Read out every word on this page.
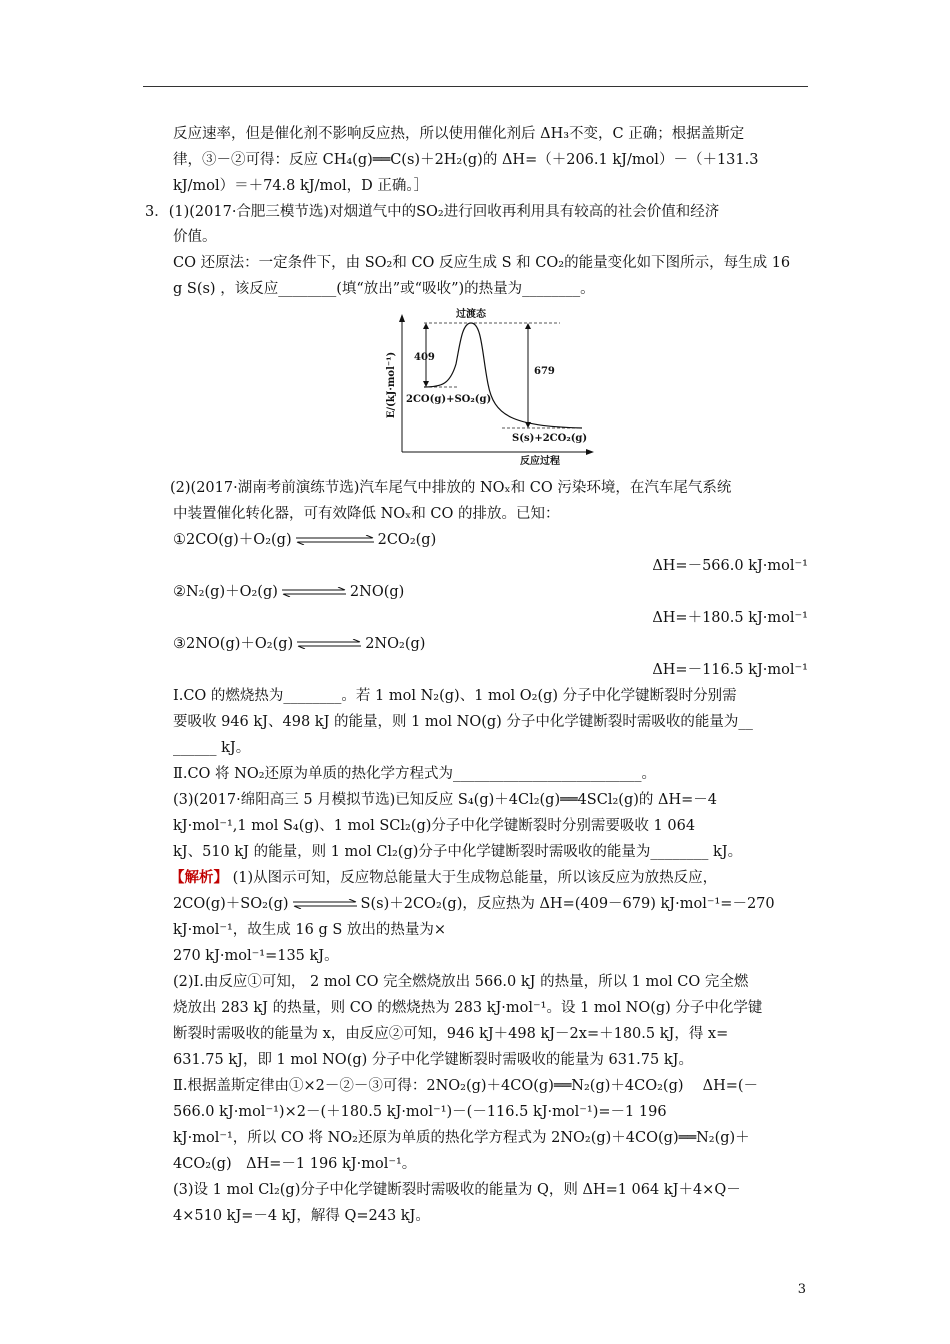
反应速率，但是催化剂不影响反应热，所以使用催化剂后 ΔH₃不变，C 正确；根据盖斯定
律，③－②可得：反应 CH₄(g)══C(s)＋2H₂(g)的 ΔH=（＋206.1 kJ/mol）－（＋131.3
kJ/mol）＝＋74.8 kJ/mol，D 正确。］
3．(1)(2017·合肥三模节选)对烟道气中的SO₂进行回收再利用具有较高的社会价值和经济
价值。
CO 还原法：一定条件下，由 SO₂和 CO 反应生成 S 和 CO₂的能量变化如下图所示，每生成 16
g S(s) ，该反应________(填“放出”或“吸收”)的热量为________。
E/(kJ·mol⁻¹)
反应过程
409
679
过渡态
2CO(g)+SO₂(g)
S(s)+2CO₂(g)
(2)(2017·湖南考前演练节选)汽车尾气中排放的 NOₓ和 CO 污染环境，在汽车尾气系统
中装置催化转化器，可有效降低 NOₓ和 CO 的排放。已知：
①2CO(g)＋O₂(g)	2CO₂(g)
ΔH=－566.0 kJ·mol⁻¹
②N₂(g)＋O₂(g)	2NO(g)
ΔH=＋180.5 kJ·mol⁻¹
③2NO(g)＋O₂(g)	2NO₂(g)
ΔH=－116.5 kJ·mol⁻¹
Ⅰ.CO 的燃烧热为________。若 1 mol N₂(g)、1 mol O₂(g) 分子中化学键断裂时分别需
要吸收 946 kJ、498 kJ 的能量，则 1 mol NO(g) 分子中化学键断裂时需吸收的能量为__
______ kJ。
Ⅱ.CO 将 NO₂还原为单质的热化学方程式为__________________________。
(3)(2017·绵阳高三 5 月模拟节选)已知反应 S₄(g)＋4Cl₂(g)══4SCl₂(g)的 ΔH=－4
kJ·mol⁻¹,1 mol S₄(g)、1 mol SCl₂(g)分子中化学键断裂时分别需要吸收 1 064
kJ、510 kJ 的能量，则 1 mol Cl₂(g)分子中化学键断裂时需吸收的能量为________ kJ。
【解析】 (1)从图示可知，反应物总能量大于生成物总能量，所以该反应为放热反应，
2CO(g)＋SO₂(g)	S(s)＋2CO₂(g)，反应热为 ΔH=(409－679) kJ·mol⁻¹=－270
kJ·mol⁻¹，故生成 16 g S 放出的热量为×
270 kJ·mol⁻¹=135 kJ。
(2)Ⅰ.由反应①可知， 2 mol CO 完全燃烧放出 566.0 kJ 的热量，所以 1 mol CO 完全燃
烧放出 283 kJ 的热量，则 CO 的燃烧热为 283 kJ·mol⁻¹。设 1 mol NO(g) 分子中化学键
断裂时需吸收的能量为 x，由反应②可知，946 kJ＋498 kJ－2x=＋180.5 kJ，得 x=
631.75 kJ，即 1 mol NO(g) 分子中化学键断裂时需吸收的能量为 631.75 kJ。
Ⅱ.根据盖斯定律由①×2－②－③可得：2NO₂(g)＋4CO(g)══N₂(g)＋4CO₂(g)　 ΔH=(－
566.0 kJ·mol⁻¹)×2－(＋180.5 kJ·mol⁻¹)－(－116.5 kJ·mol⁻¹)=－1 196
kJ·mol⁻¹，所以 CO 将 NO₂还原为单质的热化学方程式为 2NO₂(g)＋4CO(g)══N₂(g)＋
4CO₂(g)　ΔH=－1 196 kJ·mol⁻¹。
(3)设 1 mol Cl₂(g)分子中化学键断裂时需吸收的能量为 Q，则 ΔH=1 064 kJ＋4×Q－
4×510 kJ=－4 kJ，解得 Q=243 kJ。
3
